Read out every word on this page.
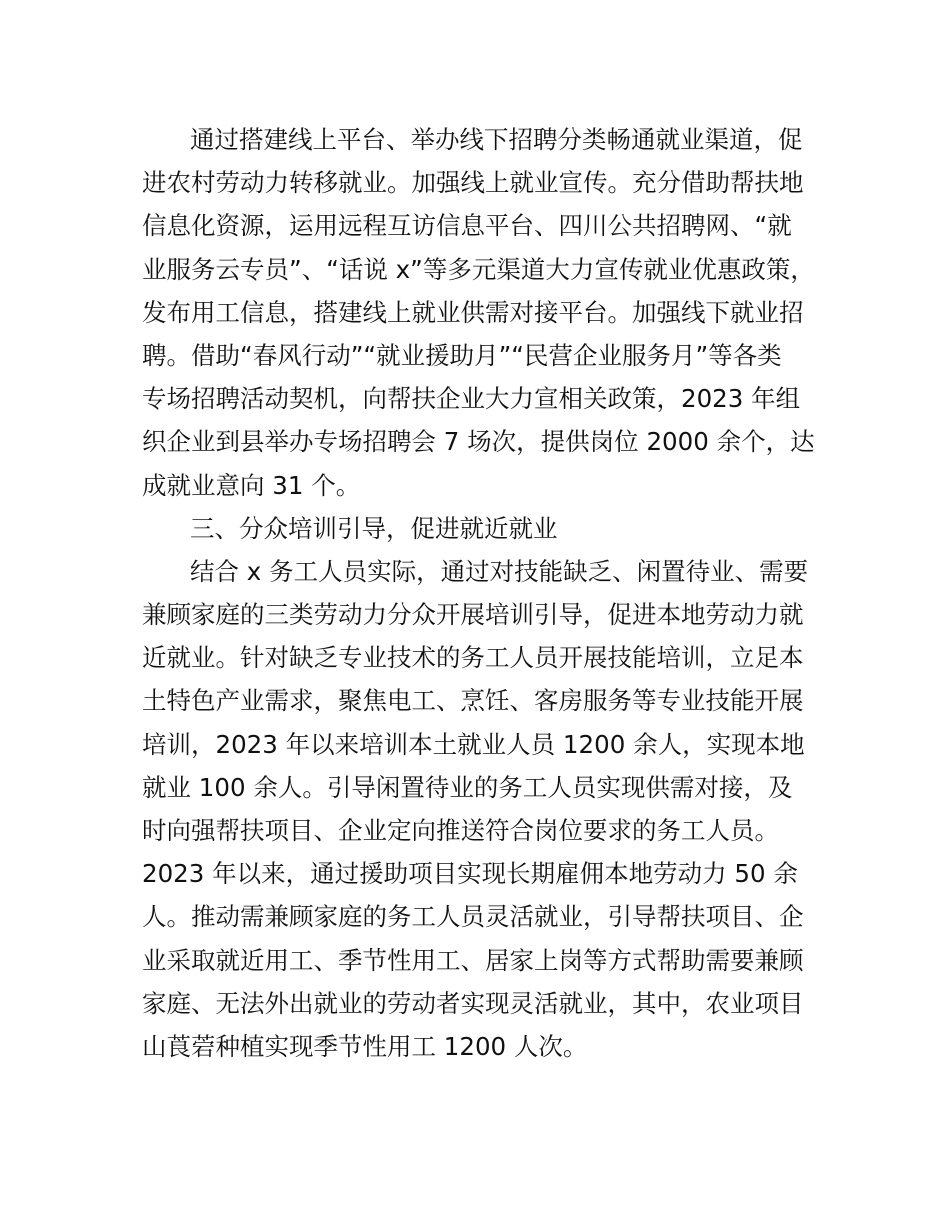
通过搭建线上平台、举办线下招聘分类畅通就业渠道，促
进农村劳动力转移就业。加强线上就业宣传。充分借助帮扶地
信息化资源，运用远程互访信息平台、四川公共招聘网、“就
业服务云专员”、“话说 x”等多元渠道大力宣传就业优惠政策，
发布用工信息，搭建线上就业供需对接平台。加强线下就业招
聘。借助“春风行动”“就业援助月”“民营企业服务月”等各类
专场招聘活动契机，向帮扶企业大力宣相关政策，2023 年组
织企业到县举办专场招聘会 7 场次，提供岗位 2000 余个，达
成就业意向 31 个。
三、分众培训引导，促进就近就业
结合 x 务工人员实际，通过对技能缺乏、闲置待业、需要
兼顾家庭的三类劳动力分众开展培训引导，促进本地劳动力就
近就业。针对缺乏专业技术的务工人员开展技能培训，立足本
土特色产业需求，聚焦电工、烹饪、客房服务等专业技能开展
培训，2023 年以来培训本土就业人员 1200 余人，实现本地
就业 100 余人。引导闲置待业的务工人员实现供需对接，及
时向强帮扶项目、企业定向推送符合岗位要求的务工人员。
2023 年以来，通过援助项目实现长期雇佣本地劳动力 50 余
人。推动需兼顾家庭的务工人员灵活就业，引导帮扶项目、企
业采取就近用工、季节性用工、居家上岗等方式帮助需要兼顾
家庭、无法外出就业的劳动者实现灵活就业，其中，农业项目
山莨菪种植实现季节性用工 1200 人次。
